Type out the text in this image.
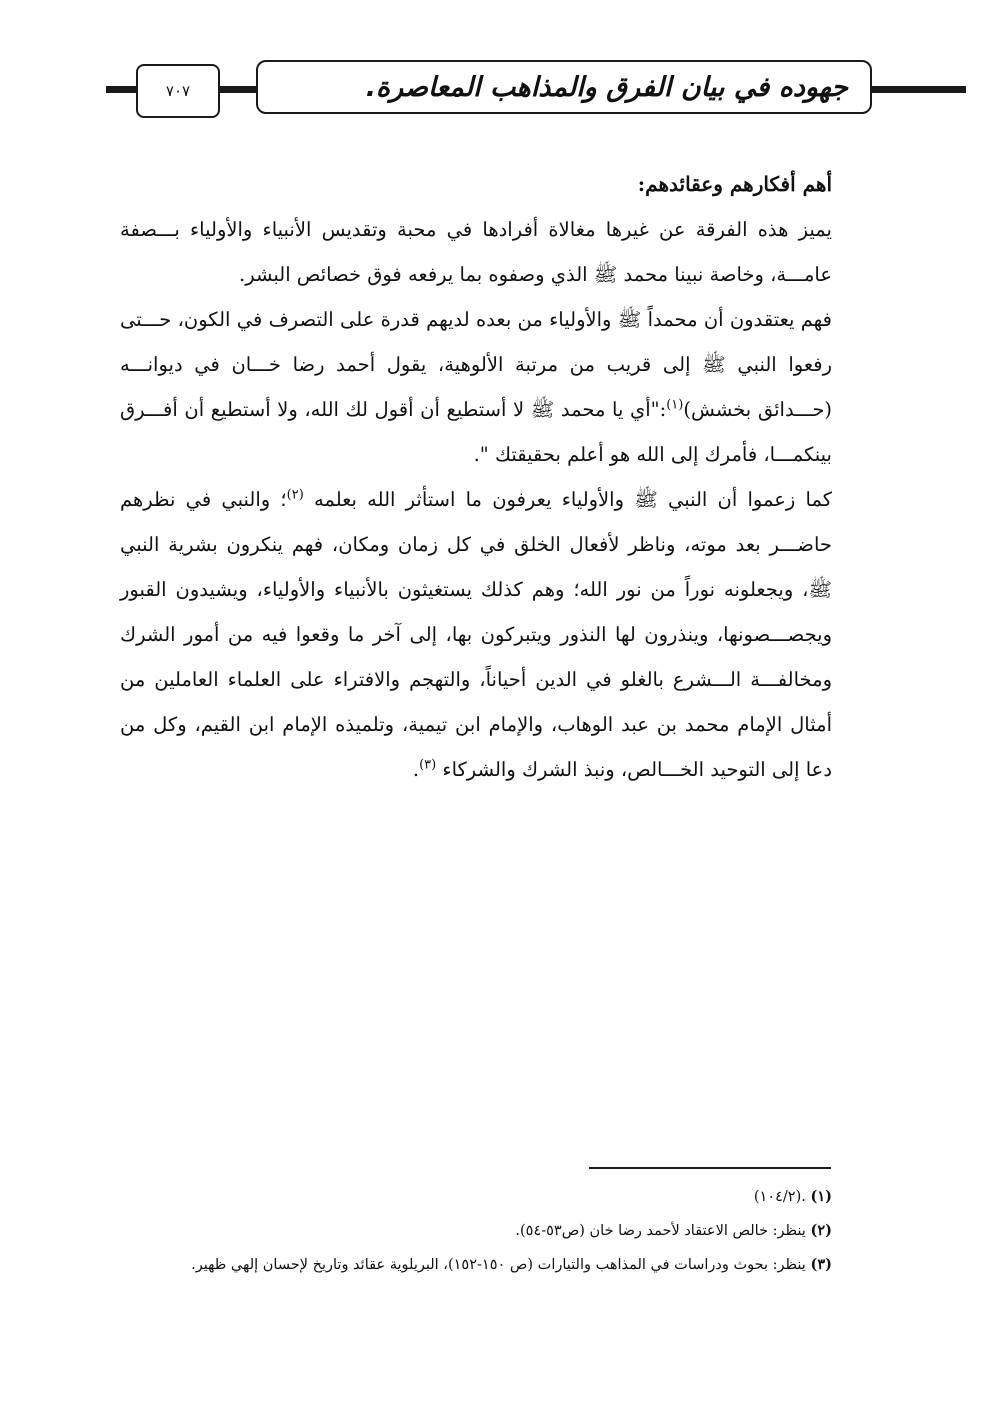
٧٠٧	جهوده في بيان الفرق والمذاهب المعاصرة.

أهم أفكارهم وعقائدهم:

يميز هذه الفرقة عن غيرها مغالاة أفرادها في محبة وتقديس الأنبياء والأولياء بـــصفة عامـــة، وخاصة نبينا محمد ﷺ الذي وصفوه بما يرفعه فوق خصائص البشر.

فهم يعتقدون أن محمداً ﷺ والأولياء من بعده لديهم قدرة على التصرف في الكون، حـــتى رفعوا النبي ﷺ إلى قريب من مرتبة الألوهية، يقول أحمد رضا خـــان في ديوانـــه (حـــدائق بخشش)$^{(١)}$:"أي يا محمد ﷺ لا أستطيع أن أقول لك الله، ولا أستطيع أن أفـــرق بينكمـــا، فأمرك إلى الله هو أعلم بحقيقتك ".

كما زعموا أن النبي ﷺ والأولياء يعرفون ما استأثر الله بعلمه $^{(٢)}$؛ والنبي في نظرهم حاضـــر بعد موته، وناظر لأفعال الخلق في كل زمان ومكان، فهم ينكرون بشرية النبي ﷺ، ويجعلونه نوراً من نور الله؛ وهم كذلك يستغيثون بالأنبياء والأولياء، ويشيدون القبور ويجصـــصونها، وينذرون لها النذور ويتبركون بها، إلى آخر ما وقعوا فيه من أمور الشرك ومخالفـــة الـــشرع بالغلو في الدين أحياناً، والتهجم والافتراء على العلماء العاملين من أمثال الإمام محمد بن عبد الوهاب، والإمام ابن تيمية، وتلميذه الإمام ابن القيم، وكل من دعا إلى التوحيد الخـــالص، ونبذ الشرك والشركاء $^{(٣)}$.

(١) .(١٠٤/٢)

(٢) ينظر: خالص الاعتقاد لأحمد رضا خان (ص٥٣-٥٤).

(٣) ينظر: بحوث ودراسات في المذاهب والتيارات (ص ١٥٠-١٥٢)، البريلوية عقائد وتاريخ لإحسان إلهي ظهير.
